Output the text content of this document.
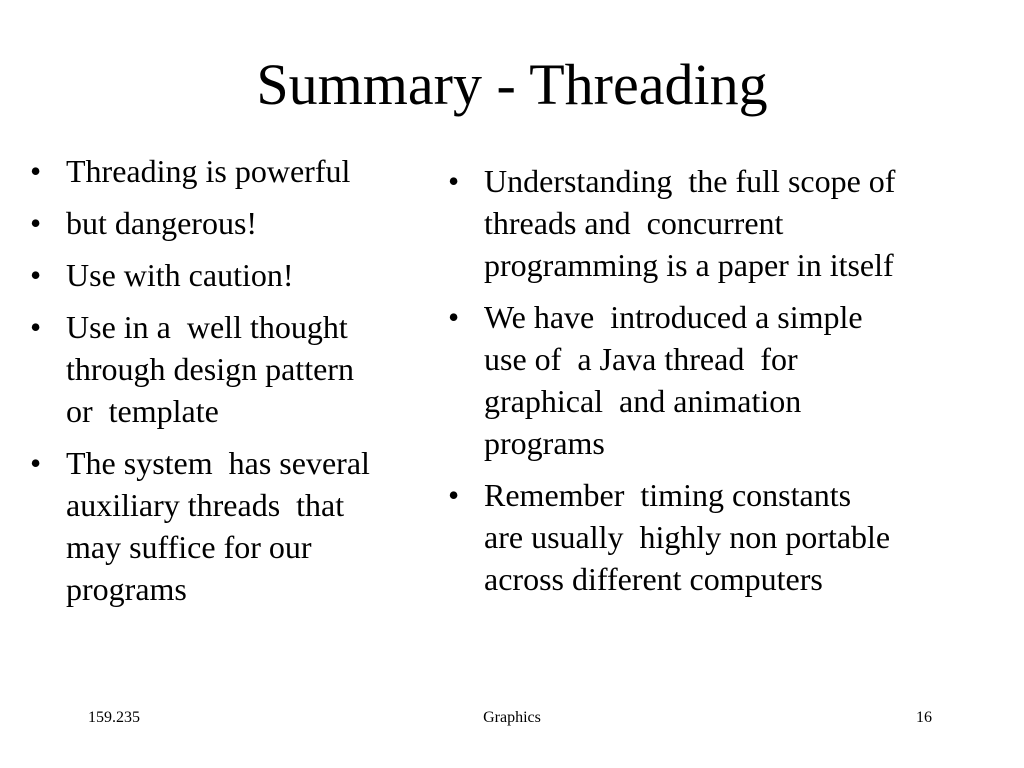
Summary - Threading
• Threading is powerful
• but dangerous!
• Use with caution!
• Use in a  well thought
through design pattern
or  template
• The system  has several
auxiliary threads  that
may suffice for our
programs
• Understanding  the full scope of
threads and  concurrent
programming is a paper in itself
• We have  introduced a simple
use of  a Java thread  for
graphical  and animation
programs
• Remember  timing constants
are usually  highly non portable
across different computers
159.235	Graphics	16
